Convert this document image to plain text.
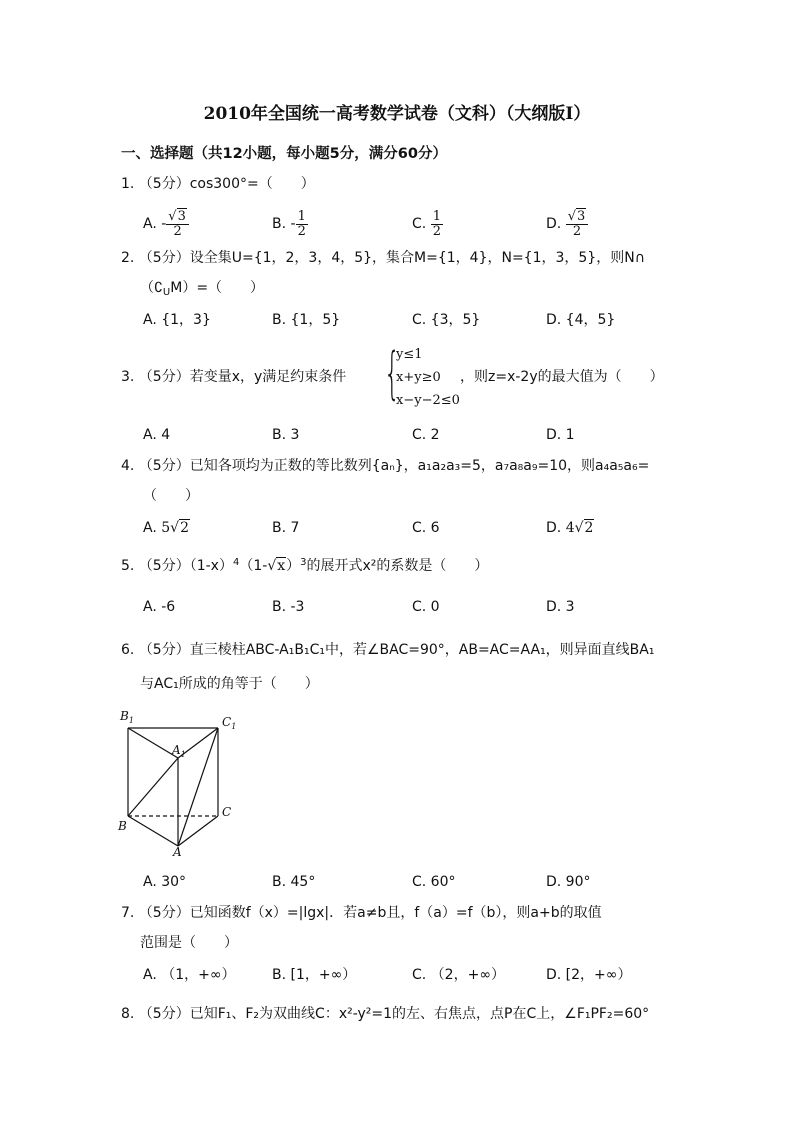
2010年全国统一高考数学试卷（文科）（大纲版Ⅰ）
一、选择题（共12小题，每小题5分，满分60分）
1. （5分）cos300°=（　　）
A. - $\frac{√3}{2}$	B. - $\frac{1}{2}$	C. $\frac{1}{2}$	D. $\frac{√3}{2}$
2. （5分）设全集U={1，2，3，4，5}，集合M={1，4}，N={1，3，5}，则N∩
$(∁_UM)=$（　　）
A. {1，3}	B. {1，5}	C. {3，5}	D. {4，5}
3. （5分）若变量x，y满足约束条件 {
y≤1
x+y≥0
x−y−2≤0
，则z=x-2y的最大值为（　　）
A. 4	B. 3	C. 2	D. 1
4. （5分）已知各项均为正数的等比数列{aₙ}，a₁a₂a₃=5，a₇a₈a₉=10，则a₄a₅a₆=
（　　）
A. 5√2	B. 7	C. 6	D. 4√2
5. （5分）$(1-x)^4(1-√x)^3$的展开式x²的系数是（　　）
A. -6	B. -3	C. 0	D. 3
6. （5分）直三棱柱ABC-A₁B₁C₁中，若∠BAC=90°，AB=AC=AA₁，则异面直线BA₁
与AC₁所成的角等于（　　）
$B_1$	$C_1$
$A_1$
B
C
A
A. 30°	B. 45°	C. 60°	D. 90°
7. （5分）已知函数f（x）=|lgx|．若a≠b且，f（a）=f（b），则a+b的取值
范围是（　　）
A. （1，+∞）	B. [1，+∞）	C. （2，+∞）	D. [2，+∞）
8. （5分）已知F₁、F₂为双曲线C：x²-y²=1的左、右焦点，点P在C上，∠F₁PF₂=60°
